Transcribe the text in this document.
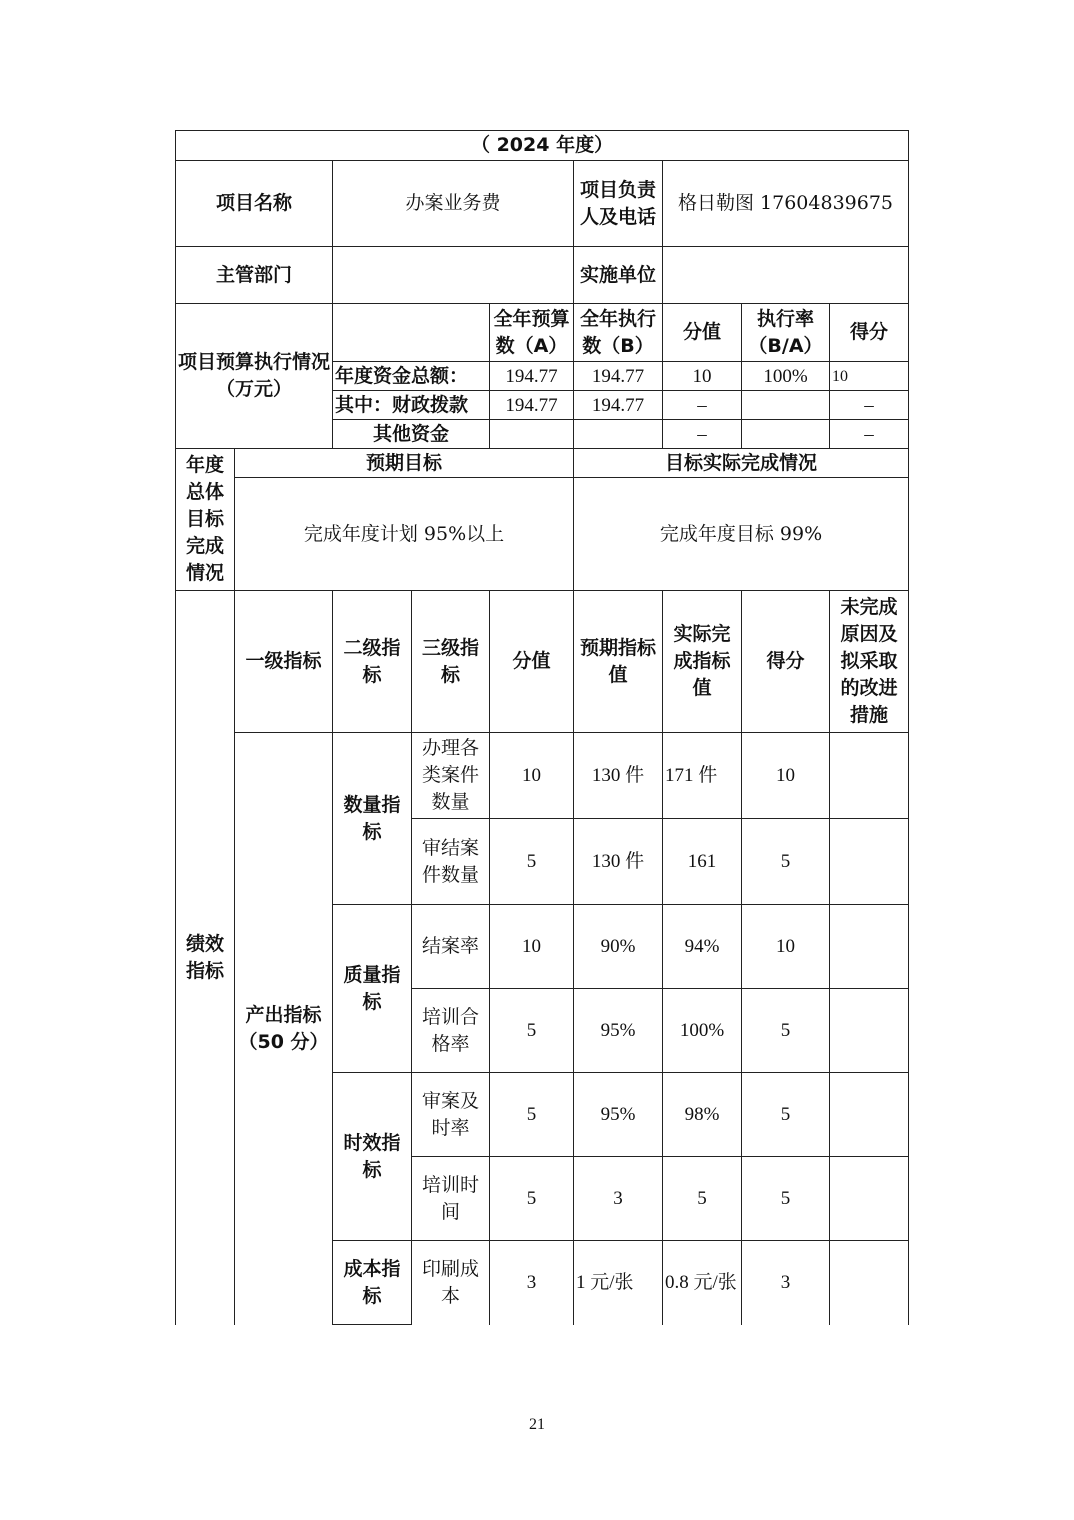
（ 2024 年度）								
项目名称		办案业务费			项目负责人及电话	格日勒图 17604839675		
主管部门					实施单位			
项目预算执行情况 （万元）				全年预算数（A）	全年执行数（B）	分值	执行率（B/A）	得分
		年度资金总额：		194.77	194.77	10	100%	10
		其中：财政拨款		194.77	194.77	–		–
		其他资金				–		–
年度总体目标完成情况	预期目标				目标实际完成情况			
	完成年度计划 95%以上				完成年度目标 99%			
绩效指标	一级指标	二级指标	三级指标	分值	预期指标值	实际完成指标值	得分	未完成原因及拟采取的改进措施
	产出指标（50 分）	数量指标	办理各类案件数量	10	130 件	171 件	10	
			审结案件数量	5	130 件	161	5	
		质量指标	结案率	10	90%	94%	10	
			培训合格率	5	95%	100%	5	
		时效指标	审案及时率	5	95%	98%	5	
			培训时间	5	3	5	5	
		成本指标	印刷成本	3	1 元/张	0.8 元/张	3	
21
